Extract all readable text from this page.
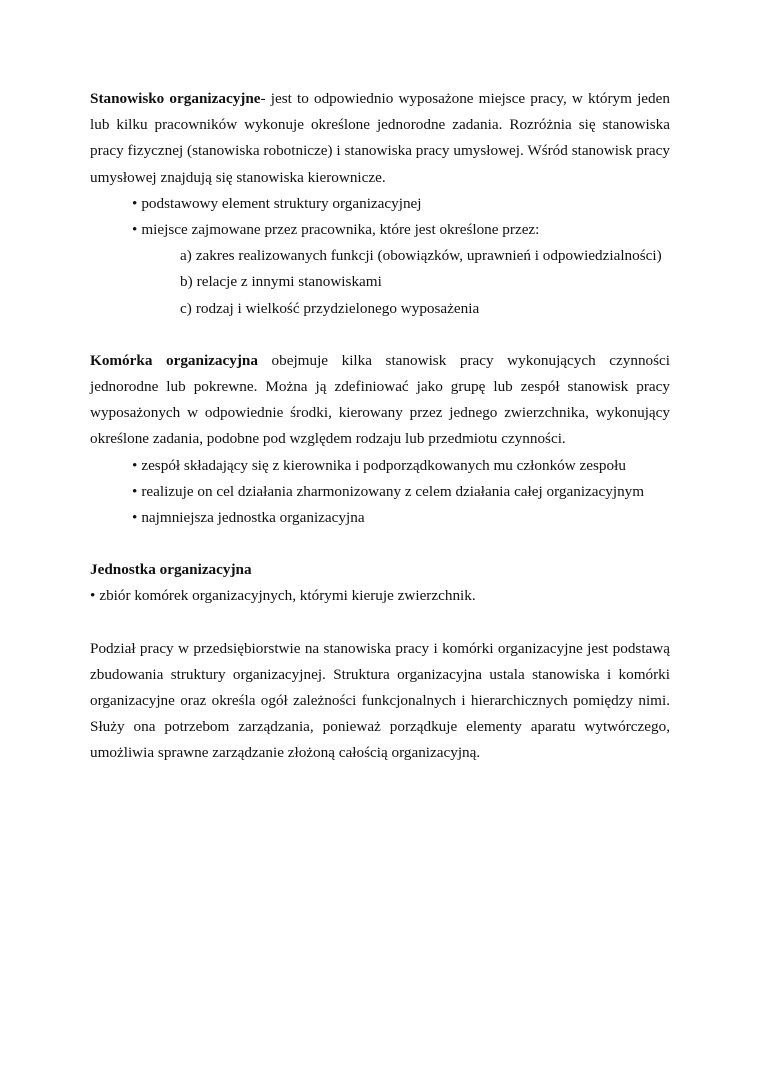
Stanowisko organizacyjne- jest to odpowiednio wyposażone miejsce pracy, w którym jeden lub kilku pracowników wykonuje określone jednorodne zadania. Rozróżnia się stanowiska pracy fizycznej (stanowiska robotnicze) i stanowiska pracy umysłowej. Wśród stanowisk pracy umysłowej znajdują się stanowiska kierownicze.

• podstawowy element struktury organizacyjnej
• miejsce zajmowane przez pracownika, które jest określone przez:
a) zakres realizowanych funkcji (obowiązków, uprawnień i odpowiedzialności)
b) relacje z innymi stanowiskami
c) rodzaj i wielkość przydzielonego wyposażenia

Komórka organizacyjna obejmuje kilka stanowisk pracy wykonujących czynności jednorodne lub pokrewne. Można ją zdefiniować jako grupę lub zespół stanowisk pracy wyposażonych w odpowiednie środki, kierowany przez jednego zwierzchnika, wykonujący określone zadania, podobne pod względem rodzaju lub przedmiotu czynności.

• zespół składający się z kierownika i podporządkowanych mu członków zespołu
• realizuje on cel działania zharmonizowany z celem działania całej organizacyjnym
• najmniejsza jednostka organizacyjna

Jednostka organizacyjna

• zbiór komórek organizacyjnych, którymi kieruje zwierzchnik.

Podział pracy w przedsiębiorstwie na stanowiska pracy i komórki organizacyjne jest podstawą zbudowania struktury organizacyjnej. Struktura organizacyjna ustala stanowiska i komórki organizacyjne oraz określa ogół zależności funkcjonalnych i hierarchicznych pomiędzy nimi. Służy ona potrzebom zarządzania, ponieważ porządkuje elementy aparatu wytwórczego, umożliwia sprawne zarządzanie złożoną całością organizacyjną.
